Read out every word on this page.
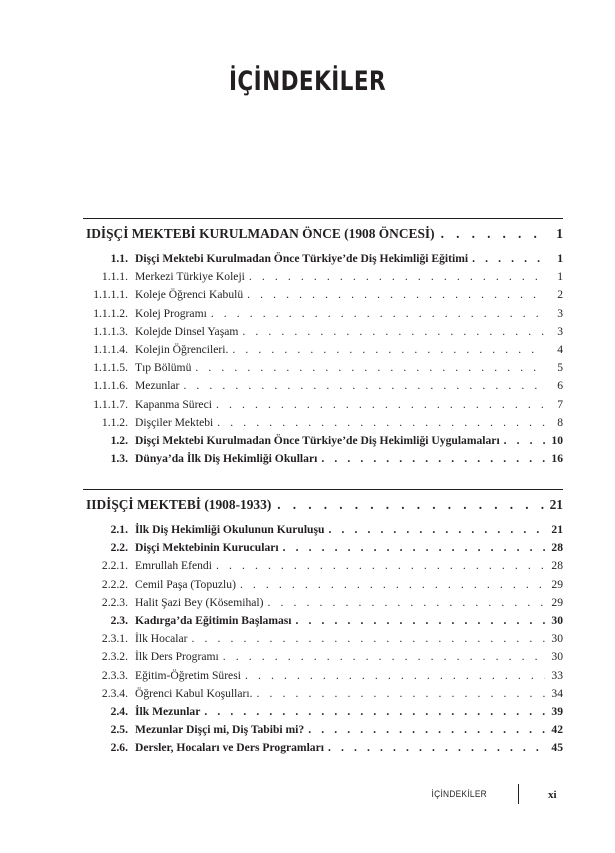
İÇİNDEKİLER
I DİŞÇİ MEKTEBİ KURULMADAN ÖNCE (1908 ÖNCESİ) . . .	1
1.1. Dişçi Mektebi Kurulmadan Önce Türkiye’de Diş Hekimliği Eğitimi . . .	1
1.1.1. Merkezi Türkiye Koleji . . .	1
1.1.1.1. Koleje Öğrenci Kabulü . . .	2
1.1.1.2. Kolej Programı . . .	3
1.1.1.3. Kolejde Dinsel Yaşam . . .	3
1.1.1.4. Kolejin Öğrencileri. . . .	4
1.1.1.5. Tıp Bölümü . . .	5
1.1.1.6. Mezunlar . . .	6
1.1.1.7. Kapanma Süreci . . .	7
1.1.2. Dişçiler Mektebi . . .	8
1.2. Dişçi Mektebi Kurulmadan Önce Türkiye’de Diş Hekimliği Uygulamaları . . .	10
1.3. Dünya’da İlk Diş Hekimliği Okulları . . .	16
II DİŞÇİ MEKTEBİ (1908-1933) . . .	21
2.1. İlk Diş Hekimliği Okulunun Kuruluşu . . .	21
2.2. Dişçi Mektebinin Kurucuları . . .	28
2.2.1. Emrullah Efendi . . .	28
2.2.2. Cemil Paşa (Topuzlu) . . .	29
2.2.3. Halit Şazi Bey (Kösemihal) . . .	29
2.3. Kadırga’da Eğitimin Başlaması . . .	30
2.3.1. İlk Hocalar . . .	30
2.3.2. İlk Ders Programı . . .	30
2.3.3. Eğitim-Öğretim Süresi . . .	33
2.3.4. Öğrenci Kabul Koşulları. . . .	34
2.4. İlk Mezunlar . . .	39
2.5. Mezunlar Dişçi mi, Diş Tabibi mi? . . .	42
2.6. Dersler, Hocaları ve Ders Programları . . .	45
İÇİNDEKİLER	xi
